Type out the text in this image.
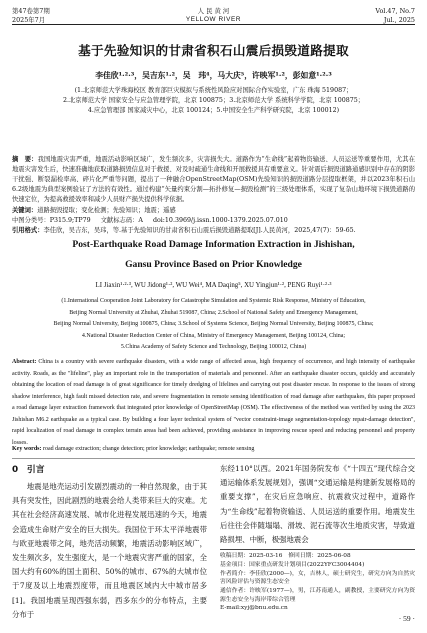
第47卷第7期
2025年7月
人 民 黄 河
YELLOW RIVER
Vol.47, No.7
Jul., 2025
基于先验知识的甘肃省积石山震后损毁道路提取
李佳欣¹·²·³，吴吉东¹·²，吴　玮⁴，马大庆⁵，许映军¹·²，彭如意¹·²·³
(1.北京师范大学珠海校区 教育部巨灾模拟与系统性风险应对国际合作实验室，广东 珠海 519087；
2.北京师范大学 国家安全与应急管理学院，北京 100875；3.北京师范大学 系统科学学院，北京 100875；
4.应急管理部 国家减灾中心，北京 100124；5.中国安全生产科学研究院，北京 100012)
摘　要：我国地震灾害严重，地震活动影响区域广，发生频次多，灾害损失大。道路作为“生命线”起着物资输送、人员运送等重要作用，尤其在地震灾害发生后，快速准确地获取道路损毁信息对于救援、对及时疏通生命线和开展救援具有重要意义。针对震后损毁道路通感识别中存在的阴影干扰强、断裂漏检率高、碎片化严重等问题，提出了一种融合OpenStreetMap(OSM)先验知识的损毁道路分层提取框架，并以2023年积石山6.2级地震为典型案例验证了方法的有效性。通过构建“矢量约束分割—拓扑修复—损毁检测”的三级处理体系，实现了复杂山地环境下损毁道路的快速定位，为提高救援效率和减少人员财产损失提供科学依据。
关键词：道路损毁提取；变化检测；先验知识；地震；遥感
中图分类号：P315.9;TP79 文献标志码：A doi:10.3969/j.issn.1000-1379.2025.07.010
引用格式：李佳欣，吴吉东，吴玮，等.基于先验知识的甘肃省积石山震后损毁道路提取[J].人民黄河，2025,47(7)：59-65.
Post-Earthquake Road Damage Information Extraction in Jishishan,
Gansu Province Based on Prior Knowledge
LI Jiaxin¹·²·³, WU Jidong¹·², WU Wei⁴, MA Daqing⁵, XU Yingjun¹·², PENG Ruyi¹·²·³
(1.International Cooperation Joint Laboratory for Catastrophe Simulation and Systemic Risk Response, Ministry of Education,
Beijing Normal University at Zhuhai, Zhuhai 519087, China; 2.School of National Safety and Emergency Management,
Beijing Normal University, Beijing 100875, China; 3.School of Systems Science, Beijing Normal University, Beijing 100875, China;
4.National Disaster Reduction Center of China, Ministry of Emergency Management, Beijing 100124, China;
5.China Academy of Safety Science and Technology, Beijing 100012, China)
Abstract: China is a country with severe earthquake disasters, with a wide range of affected areas, high frequency of occurrence, and high intensity of earthquake activity. Roads, as the "lifeline", play an important role in the transportation of materials and personnel. After an earthquake disaster occurs, quickly and accurately obtaining the location of road damage is of great significance for timely dredging of lifelines and carrying out post disaster rescue. In response to the issues of strong shadow interference, high fault missed detection rate, and severe fragmentation in remote sensing identification of road damage after earthquakes, this paper proposed a road damage layer extraction framework that integrated prior knowledge of OpenStreetMap (OSM). The effectiveness of the method was verified by using the 2023 Jishishan M6.2 earthquake as a typical case. By building a four layer technical system of "vector constraint-image segmentation-topology repair-damage detection", rapid localization of road damage in complex terrain areas had been achieved, providing assistance in improving rescue speed and reducing personnel and property losses.
Key words: road damage extraction; change detection; prior knowledge; earthquake; remote sensing
0　引言

地震是地壳运动引发剧烈震动的一种自然现象，由于其具有突发性，因此剧烈的地震会给人类带来巨大的灾难。尤其在社会经济高速发展、城市化进程发展迅速的今天，地震会造成生命财产安全的巨大损失。我国位于环太平洋地震带与欧亚地震带之间，地壳活动频繁，地震活动影响区域广，发生频次多，发生强度大，是一个地震灾害严重的国家，全国大约有60%的国土面积、50%的城市、67%的大城市位于7度及以上地震烈度带，而且地震区域内大中城市居多[1]。我国地震呈现西强东弱，西多东少的分布特点，主要分布于

东经110°以西。2021年国务院发布《“十四五”现代综合交通运输体系发展规划》，强调“交通运输是构建新发展格局的重要支撑”，在灾后应急响应、抗震救灾过程中，道路作为“生命线”起着物资输送、人员运送的重要作用。地震发生后往往会伴随塌塌、滑坡、泥石流等次生地质灾害，导致道路损埋、中断，极强地震会

收稿日期：2025-03-16　 修回日期：2025-06-08
基金项目：国家重点研发计划项目(2022YFC3004404)
作者简介：李佳欣(2000—)，女，吉林人，硕士研究生，研究方向为自然灾害风险评估与资源生态安全
通信作者：许映军(1977—)，男，江苏南通人，副教授，主要研究方向为资源生态安全与海岸带综合管理
E-mail:xyj@bnu.edu.cn
· 59 ·
